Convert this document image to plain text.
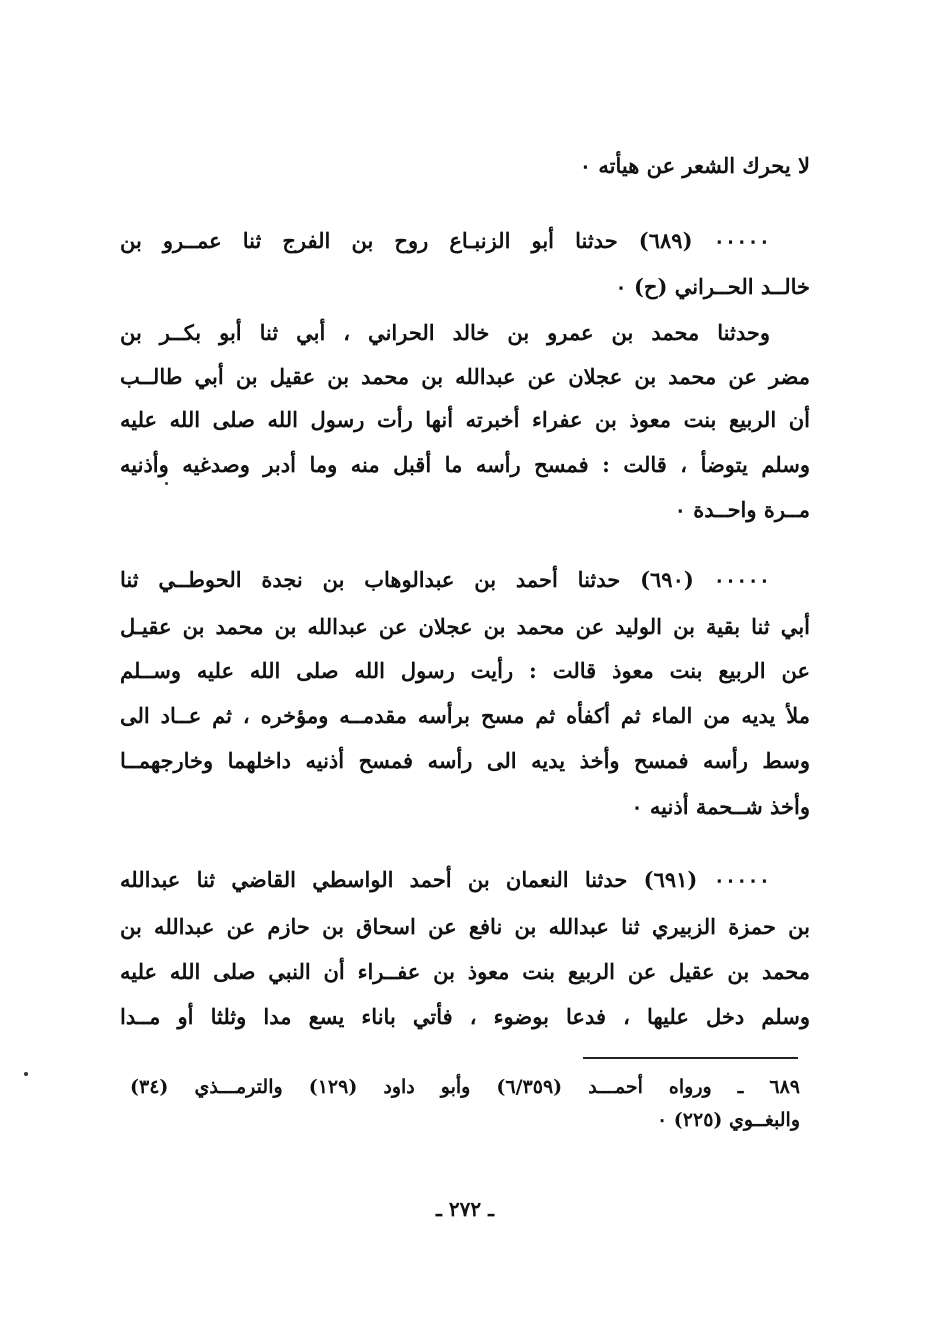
لا يحرك الشعر عن هيأته ٠
٠٠٠٠٠ (٦٨٩) حدثنا أبو الزنبـاع روح بن الفرج ثنا عمــرو بن
خالــد الحــراني (ح) ٠
وحدثنا محمد بن عمرو بن خالد الحراني ، أبي ثنا أبو بكــر بن
مضر عن محمد بن عجلان عن عبدالله بن محمد بن عقيل بن أبي طالــب
أن الربيع بنت معوذ بن عفراء أخبرته أنها رأت رسول الله صلى الله عليه
وسلم يتوضأ ، قالت : فمسح رأسه ما أقبل منه وما أدبر وصدغيه وأذنيه
مــرة واحــدة ٠
٠٠٠٠٠ (٦٩٠) حدثنا أحمد بن عبدالوهاب بن نجدة الحوطــي ثنا
أبي ثنا بقية بن الوليد عن محمد بن عجلان عن عبدالله بن محمد بن عقيـل
عن الربيع بنت معوذ قالت : رأيت رسول الله صلى الله عليه وســلم
ملأ يديه من الماء ثم أكفأه ثم مسح برأسه مقدمــه ومؤخره ، ثم عــاد الى
وسط رأسه فمسح وأخذ يديه الى رأسه فمسح أذنيه داخلهما وخارجهمــا
وأخذ شــحمة أذنيه ٠
٠٠٠٠٠ (٦٩١) حدثنا النعمان بن أحمد الواسطي القاضي ثنا عبدالله
بن حمزة الزبيري ثنا عبدالله بن نافع عن اسحاق بن حازم عن عبدالله بن
محمد بن عقيل عن الربيع بنت معوذ بن عفــراء أن النبي صلى الله عليه
وسلم دخل عليها ، فدعا بوضوء ، فأتي باناء يسع مدا وثلثا أو مــدا
٦٨٩ ـ ورواه أحمـــد (٦/٣٥٩) وأبو داود (١٢٩) والترمـــذي (٣٤)
والبغــوي (٢٢٥) ٠
ـ ٢٧٢ ـ
